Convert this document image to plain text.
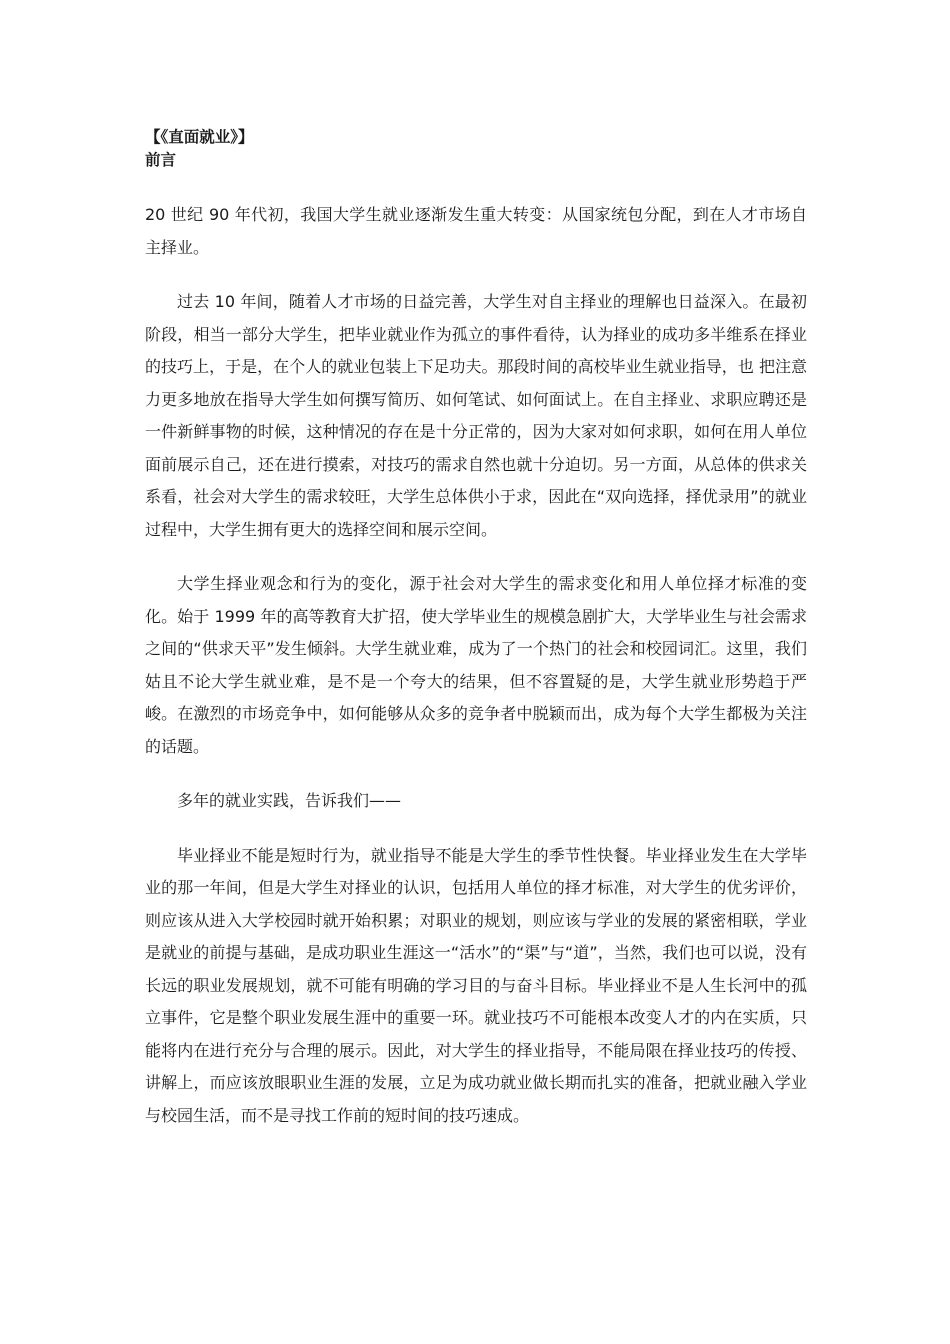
【《直面就业》】
前言

20 世纪 90 年代初，我国大学生就业逐渐发生重大转变：从国家统包分配，到在人才市场自主择业。

过去 10 年间，随着人才市场的日益完善，大学生对自主择业的理解也日益深入。在最初阶段，相当一部分大学生，把毕业就业作为孤立的事件看待，认为择业的成功多半维系在择业的技巧上，于是，在个人的就业包装上下足功夫。那段时间的高校毕业生就业指导，也 把注意力更多地放在指导大学生如何撰写简历、如何笔试、如何面试上。在自主择业、求职应聘还是一件新鲜事物的时候，这种情况的存在是十分正常的，因为大家对如何求职，如何在用人单位面前展示自己，还在进行摸索，对技巧的需求自然也就十分迫切。另一方面，从总体的供求关系看，社会对大学生的需求较旺，大学生总体供小于求，因此在“双向选择，择优录用”的就业过程中，大学生拥有更大的选择空间和展示空间。

大学生择业观念和行为的变化，源于社会对大学生的需求变化和用人单位择才标准的变化。始于 1999 年的高等教育大扩招，使大学毕业生的规模急剧扩大，大学毕业生与社会需求之间的“供求天平”发生倾斜。大学生就业难，成为了一个热门的社会和校园词汇。这里，我们姑且不论大学生就业难，是不是一个夸大的结果，但不容置疑的是，大学生就业形势趋于严峻。在激烈的市场竞争中，如何能够从众多的竞争者中脱颖而出，成为每个大学生都极为关注的话题。

多年的就业实践，告诉我们——

毕业择业不能是短时行为，就业指导不能是大学生的季节性快餐。毕业择业发生在大学毕业的那一年间，但是大学生对择业的认识，包括用人单位的择才标准，对大学生的优劣评价，则应该从进入大学校园时就开始积累；对职业的规划，则应该与学业的发展的紧密相联，学业是就业的前提与基础，是成功职业生涯这一“活水”的“渠”与“道”，当然，我们也可以说，没有长远的职业发展规划，就不可能有明确的学习目的与奋斗目标。毕业择业不是人生长河中的孤立事件，它是整个职业发展生涯中的重要一环。就业技巧不可能根本改变人才的内在实质，只能将内在进行充分与合理的展示。因此，对大学生的择业指导，不能局限在择业技巧的传授、讲解上，而应该放眼职业生涯的发展，立足为成功就业做长期而扎实的准备，把就业融入学业与校园生活，而不是寻找工作前的短时间的技巧速成。
